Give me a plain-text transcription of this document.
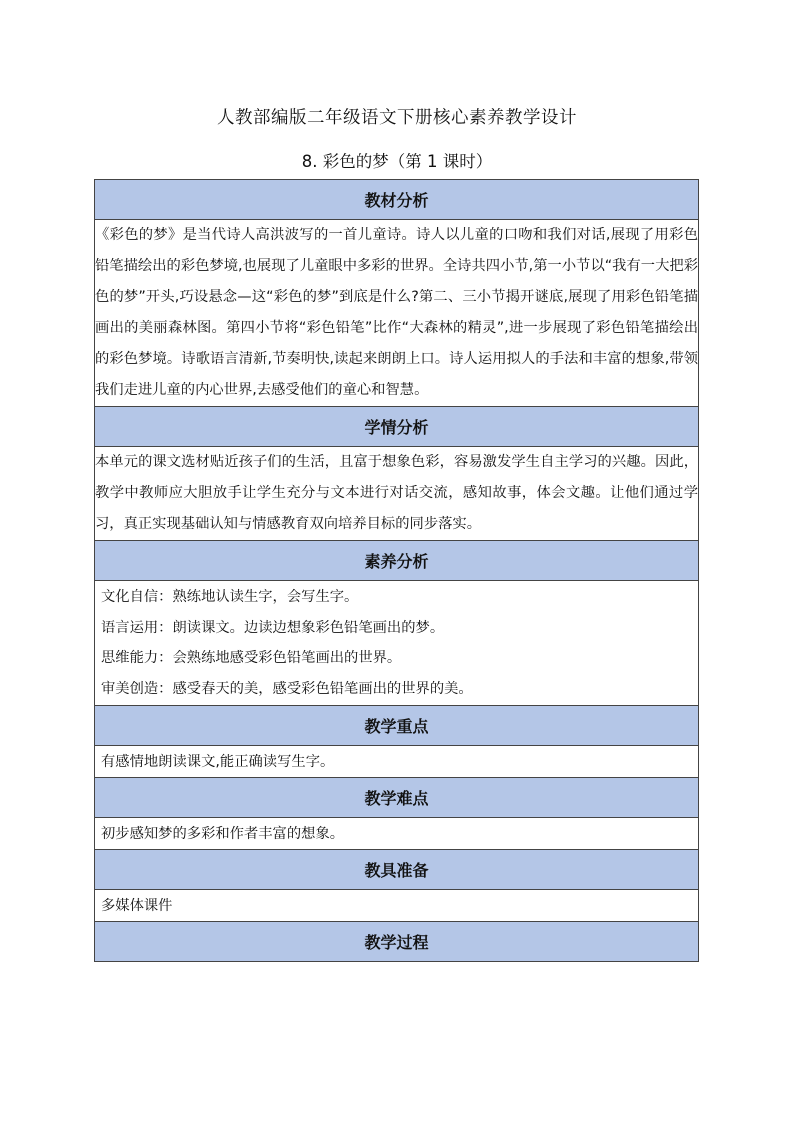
人教部编版二年级语文下册核心素养教学设计
8. 彩色的梦（第 1 课时）
教材分析
《彩色的梦》是当代诗人高洪波写的一首儿童诗。诗人以儿童的口吻和我们对话,展现了用彩色铅笔描绘出的彩色梦境,也展现了儿童眼中多彩的世界。全诗共四小节,第一小节以“我有一大把彩色的梦”开头,巧设悬念—这“彩色的梦”到底是什么?第二、三小节揭开谜底,展现了用彩色铅笔描画出的美丽森林图。第四小节将“彩色铅笔”比作“大森林的精灵”,进一步展现了彩色铅笔描绘出的彩色梦境。诗歌语言清新,节奏明快,读起来朗朗上口。诗人运用拟人的手法和丰富的想象,带领我们走进儿童的内心世界,去感受他们的童心和智慧。
学情分析
本单元的课文选材贴近孩子们的生活，且富于想象色彩，容易激发学生自主学习的兴趣。因此，教学中教师应大胆放手让学生充分与文本进行对话交流，感知故事，体会文趣。让他们通过学习，真正实现基础认知与情感教育双向培养目标的同步落实。
素养分析

文化自信：熟练地认读生字，会写生字。
语言运用：朗读课文。边读边想象彩色铅笔画出的梦。
思维能力：会熟练地感受彩色铅笔画出的世界。
审美创造：感受春天的美，感受彩色铅笔画出的世界的美。

教学重点
有感情地朗读课文,能正确读写生字。
教学难点
初步感知梦的多彩和作者丰富的想象。
教具准备
多媒体课件
教学过程
